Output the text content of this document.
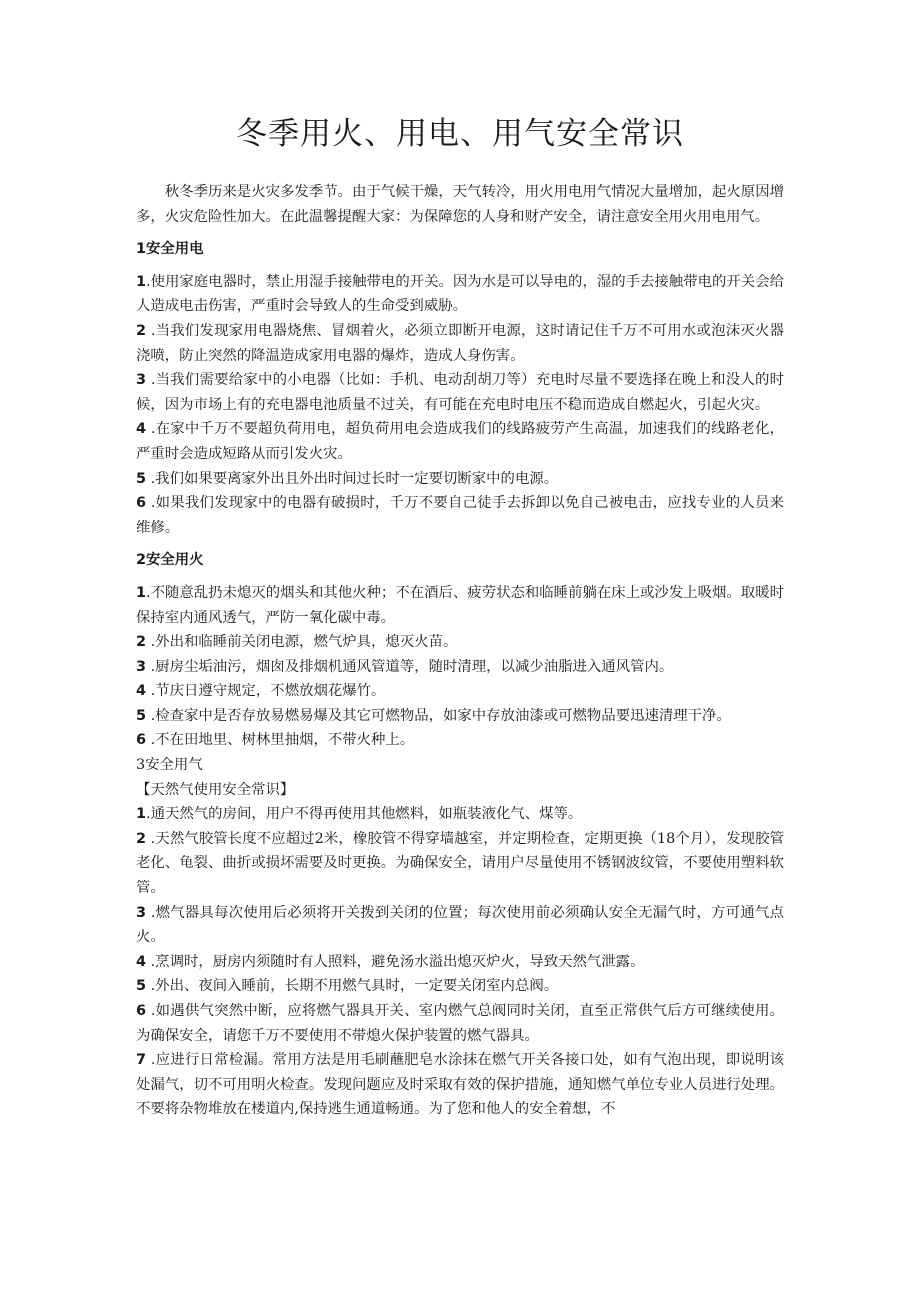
冬季用火、用电、用气安全常识

秋冬季历来是火灾多发季节。由于气候干燥，天气转冷，用火用电用气情况大量增加，起火原因增多，火灾危险性加大。在此温馨提醒大家：为保障您的人身和财产安全，请注意安全用火用电用气。

1安全用电

1.使用家庭电器时，禁止用湿手接触带电的开关。因为水是可以导电的，湿的手去接触带电的开关会给人造成电击伤害，严重时会导致人的生命受到威胁。

2 .当我们发现家用电器烧焦、冒烟着火，必须立即断开电源，这时请记住千万不可用水或泡沫灭火器浇喷，防止突然的降温造成家用电器的爆炸，造成人身伤害。

3 .当我们需要给家中的小电器（比如：手机、电动刮胡刀等）充电时尽量不要选择在晚上和没人的时候，因为市场上有的充电器电池质量不过关，有可能在充电时电压不稳而造成自燃起火，引起火灾。

4 .在家中千万不要超负荷用电，超负荷用电会造成我们的线路疲劳产生高温，加速我们的线路老化，严重时会造成短路从而引发火灾。

5 .我们如果要离家外出且外出时间过长时一定要切断家中的电源。

6 .如果我们发现家中的电器有破损时，千万不要自己徒手去拆卸以免自己被电击，应找专业的人员来维修。

2安全用火

1.不随意乱扔未熄灭的烟头和其他火种；不在酒后、疲劳状态和临睡前躺在床上或沙发上吸烟。取暖时保持室内通风透气，严防一氧化碳中毒。

2 .外出和临睡前关闭电源，燃气炉具，熄灭火苗。

3 .厨房尘垢油污，烟囱及排烟机通风管道等，随时清理，以减少油脂进入通风管内。

4 .节庆日遵守规定，不燃放烟花爆竹。

5 .检查家中是否存放易燃易爆及其它可燃物品，如家中存放油漆或可燃物品要迅速清理干净。

6 .不在田地里、树林里抽烟，不带火种上。

3安全用气

【天然气使用安全常识】

1.通天然气的房间，用户不得再使用其他燃料，如瓶装液化气、煤等。

2 .天然气胶管长度不应超过2米，橡胶管不得穿墙越室，并定期检查，定期更换（18个月），发现胶管老化、龟裂、曲折或损坏需要及时更换。为确保安全，请用户尽量使用不锈钢波纹管，不要使用塑料软管。

3 .燃气器具每次使用后必须将开关拨到关闭的位置；每次使用前必须确认安全无漏气时，方可通气点火。

4 .烹调时，厨房内须随时有人照料，避免汤水溢出熄灭炉火，导致天然气泄露。

5 .外出、夜间入睡前，长期不用燃气具时，一定要关闭室内总阀。

6 .如遇供气突然中断，应将燃气器具开关、室内燃气总阀同时关闭，直至正常供气后方可继续使用。为确保安全，请您千万不要使用不带熄火保护装置的燃气器具。

7 .应进行日常检漏。常用方法是用毛刷蘸肥皂水涂抹在燃气开关各接口处，如有气泡出现，即说明该处漏气，切不可用明火检查。发现问题应及时采取有效的保护措施，通知燃气单位专业人员进行处理。不要将杂物堆放在楼道内,保持逃生通道畅通。为了您和他人的安全着想，不
